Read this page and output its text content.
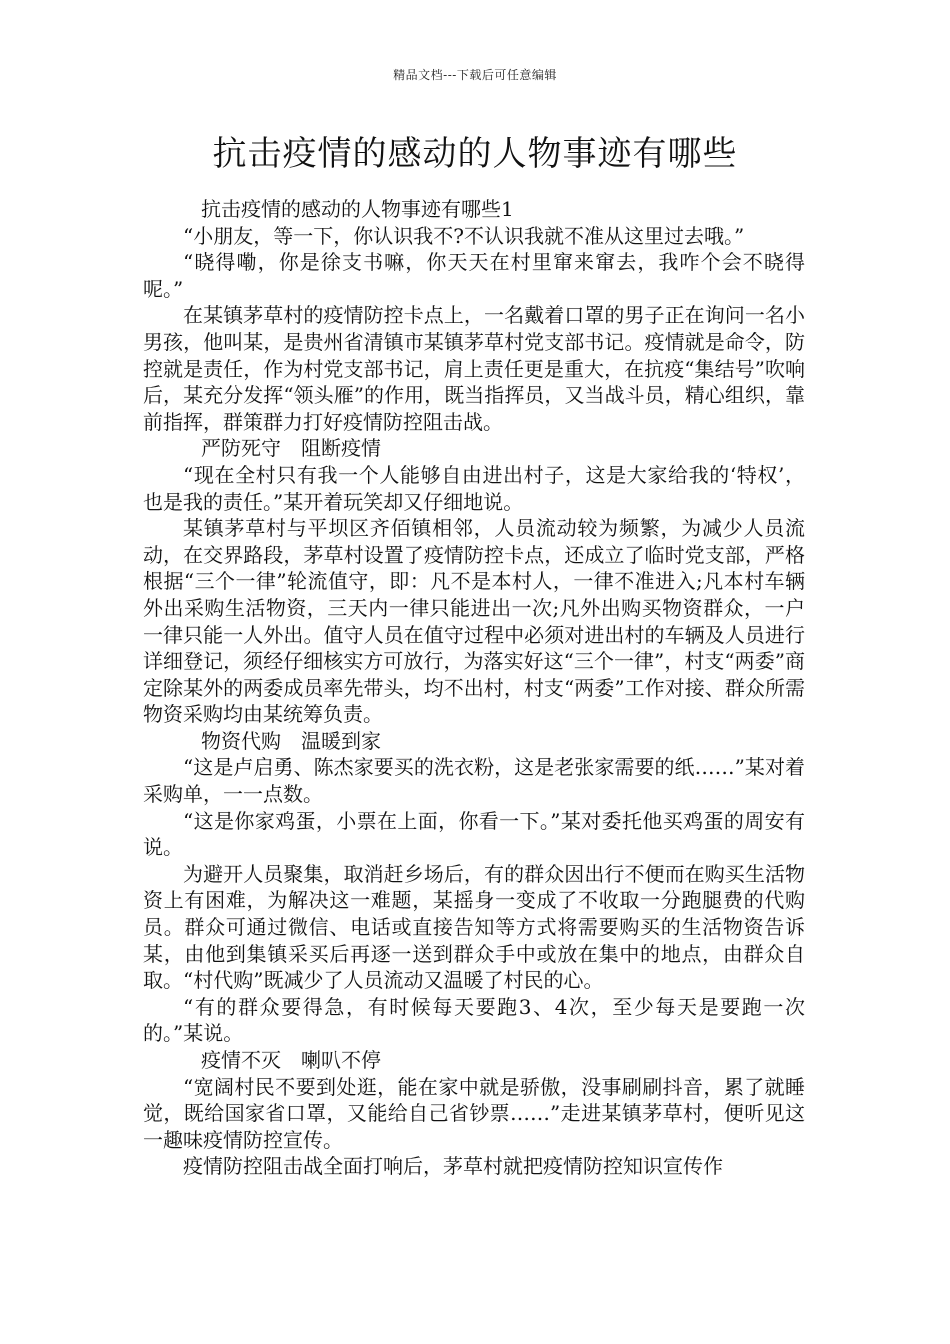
精品文档---下载后可任意编辑
抗击疫情的感动的人物事迹有哪些

抗击疫情的感动的人物事迹有哪些1

“小朋友，等一下，你认识我不?不认识我就不准从这里过去哦。”

“晓得嘞，你是徐支书嘛，你天天在村里窜来窜去，我咋个会不晓得呢。”

在某镇茅草村的疫情防控卡点上，一名戴着口罩的男子正在询问一名小男孩，他叫某，是贵州省清镇市某镇茅草村党支部书记。疫情就是命令，防控就是责任，作为村党支部书记，肩上责任更是重大，在抗疫“集结号”吹响后，某充分发挥“领头雁”的作用，既当指挥员，又当战斗员，精心组织，靠前指挥，群策群力打好疫情防控阻击战。

严防死守　阻断疫情

“现在全村只有我一个人能够自由进出村子，这是大家给我的‘特权’，也是我的责任。”某开着玩笑却又仔细地说。

某镇茅草村与平坝区齐佰镇相邻，人员流动较为频繁，为减少人员流动，在交界路段，茅草村设置了疫情防控卡点，还成立了临时党支部，严格根据“三个一律”轮流值守，即：凡不是本村人，一律不准进入;凡本村车辆外出采购生活物资，三天内一律只能进出一次;凡外出购买物资群众，一户一律只能一人外出。值守人员在值守过程中必须对进出村的车辆及人员进行详细登记，须经仔细核实方可放行，为落实好这“三个一律”，村支“两委”商定除某外的两委成员率先带头，均不出村，村支“两委”工作对接、群众所需物资采购均由某统筹负责。

物资代购　温暖到家

“这是卢启勇、陈杰家要买的洗衣粉，这是老张家需要的纸……”某对着采购单，一一点数。

“这是你家鸡蛋，小票在上面，你看一下。”某对委托他买鸡蛋的周安有说。

为避开人员聚集，取消赶乡场后，有的群众因出行不便而在购买生活物资上有困难，为解决这一难题，某摇身一变成了不收取一分跑腿费的代购员。群众可通过微信、电话或直接告知等方式将需要购买的生活物资告诉某，由他到集镇采买后再逐一送到群众手中或放在集中的地点，由群众自取。“村代购”既减少了人员流动又温暖了村民的心。

“有的群众要得急，有时候每天要跑3、4次，至少每天是要跑一次的。”某说。

疫情不灭　喇叭不停

“宽阔村民不要到处逛，能在家中就是骄傲，没事刷刷抖音，累了就睡觉，既给国家省口罩，又能给自己省钞票……”走进某镇茅草村，便听见这一趣味疫情防控宣传。

疫情防控阻击战全面打响后，茅草村就把疫情防控知识宣传作
